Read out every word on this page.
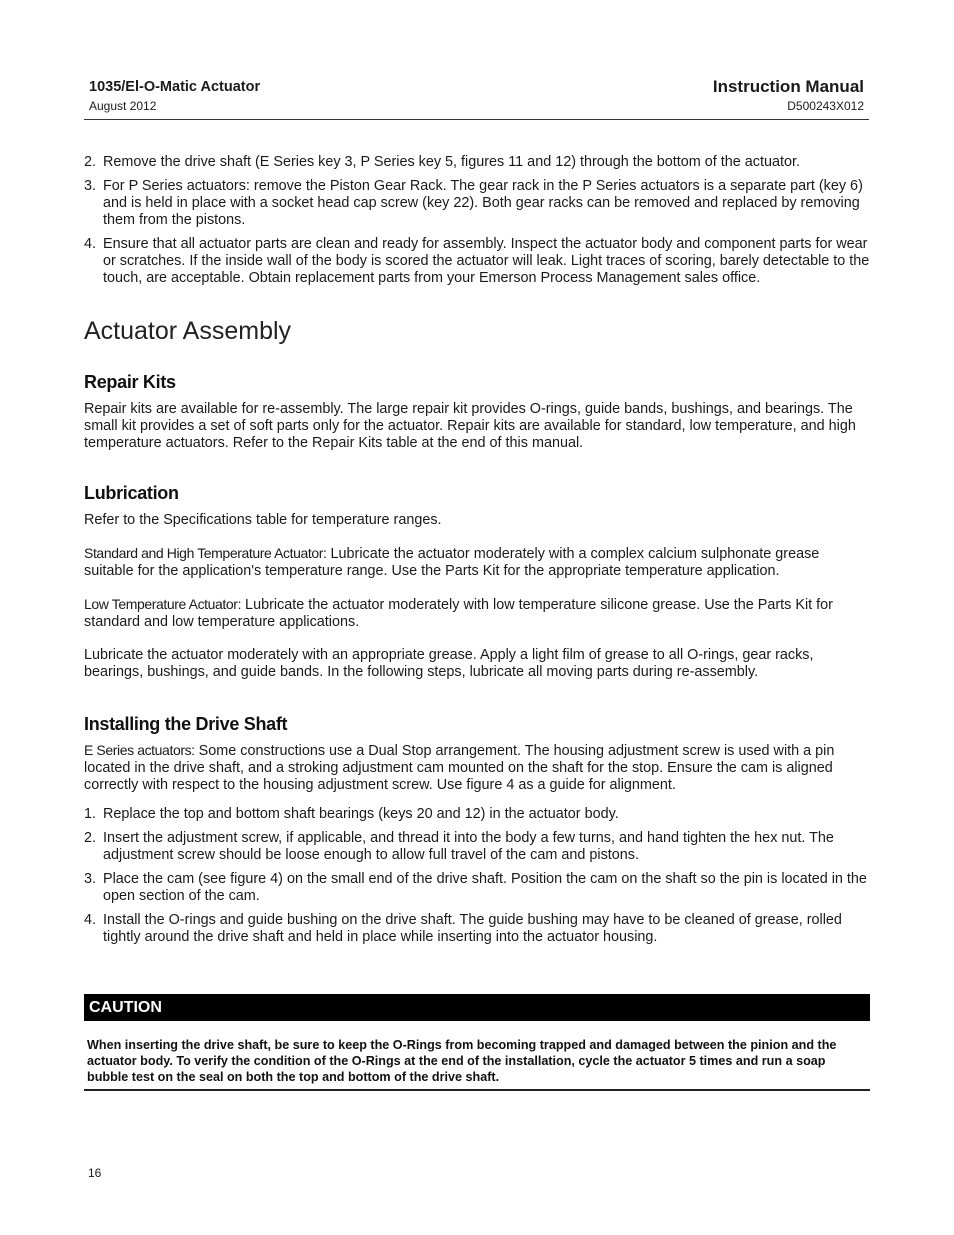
1035/El-O-Matic Actuator
August 2012
Instruction Manual
D500243X012
2. Remove the drive shaft (E Series key 3, P Series key 5, figures 11 and 12) through the bottom of the actuator.
3. For P Series actuators: remove the Piston Gear Rack. The gear rack in the P Series actuators is a separate part (key 6) and is held in place with a socket head cap screw (key 22). Both gear racks can be removed and replaced by removing them from the pistons.
4. Ensure that all actuator parts are clean and ready for assembly. Inspect the actuator body and component parts for wear or scratches. If the inside wall of the body is scored the actuator will leak. Light traces of scoring, barely detectable to the touch, are acceptable. Obtain replacement parts from your Emerson Process Management sales office.
Actuator Assembly
Repair Kits

Repair kits are available for re-assembly. The large repair kit provides O-rings, guide bands, bushings, and bearings. The small kit provides a set of soft parts only for the actuator. Repair kits are available for standard, low temperature, and high temperature actuators. Refer to the Repair Kits table at the end of this manual.

Lubrication

Refer to the Specifications table for temperature ranges.

Standard and High Temperature Actuator: Lubricate the actuator moderately with a complex calcium sulphonate grease suitable for the application's temperature range. Use the Parts Kit for the appropriate temperature application.

Low Temperature Actuator: Lubricate the actuator moderately with low temperature silicone grease. Use the Parts Kit for standard and low temperature applications.

Lubricate the actuator moderately with an appropriate grease. Apply a light film of grease to all O-rings, gear racks, bearings, bushings, and guide bands. In the following steps, lubricate all moving parts during re-assembly.

Installing the Drive Shaft

E Series actuators: Some constructions use a Dual Stop arrangement. The housing adjustment screw is used with a pin located in the drive shaft, and a stroking adjustment cam mounted on the shaft for the stop. Ensure the cam is aligned correctly with respect to the housing adjustment screw. Use figure 4 as a guide for alignment.

1. Replace the top and bottom shaft bearings (keys 20 and 12) in the actuator body.
2. Insert the adjustment screw, if applicable, and thread it into the body a few turns, and hand tighten the hex nut. The adjustment screw should be loose enough to allow full travel of the cam and pistons.
3. Place the cam (see figure 4) on the small end of the drive shaft. Position the cam on the shaft so the pin is located in the open section of the cam.
4. Install the O-rings and guide bushing on the drive shaft. The guide bushing may have to be cleaned of grease, rolled tightly around the drive shaft and held in place while inserting into the actuator housing.
CAUTION
When inserting the drive shaft, be sure to keep the O-Rings from becoming trapped and damaged between the pinion and the actuator body. To verify the condition of the O-Rings at the end of the installation, cycle the actuator 5 times and run a soap bubble test on the seal on both the top and bottom of the drive shaft.
16
